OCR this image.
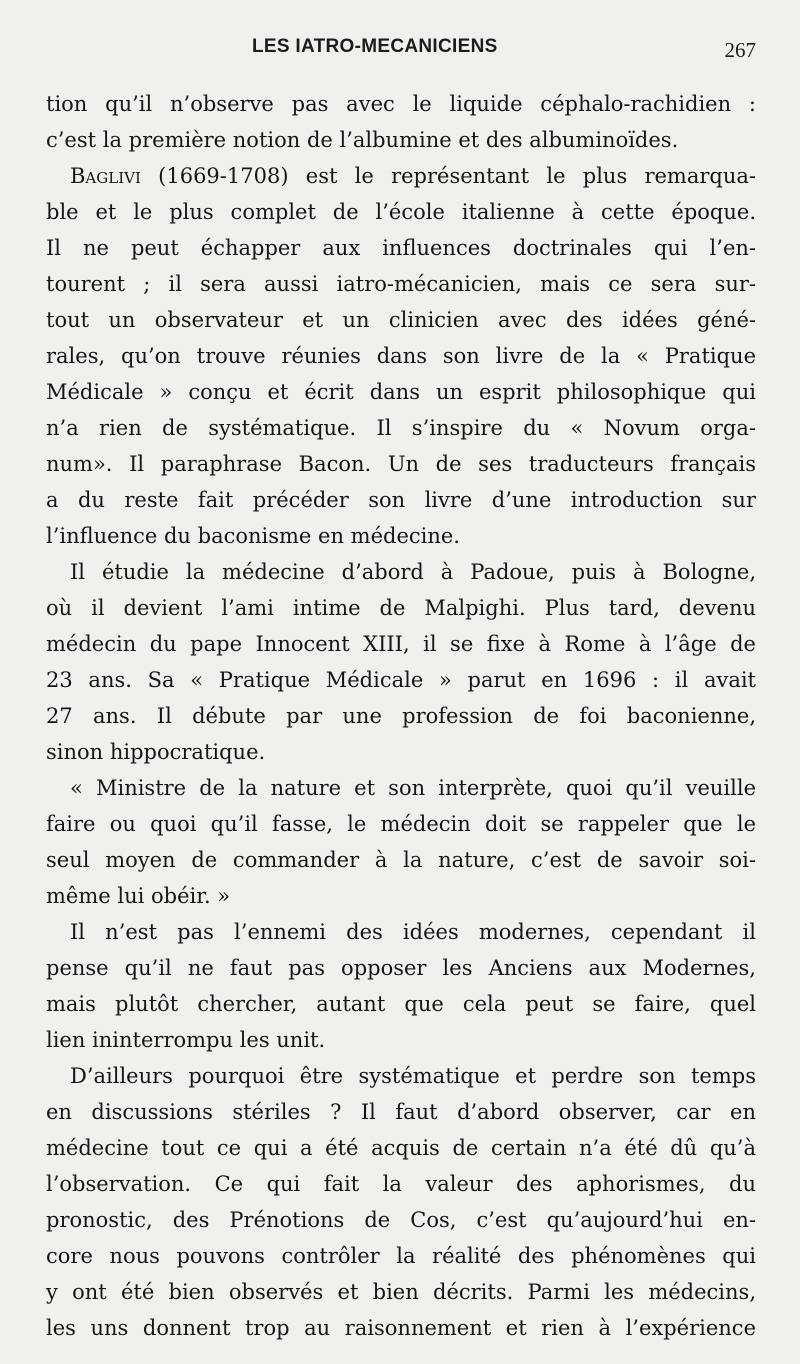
LES IATRO-MECANICIENS	267
tion qu’il n’observe pas avec le liquide céphalo-rachidien :
c’est la première notion de l’albumine et des albuminoïdes.
Baglivi (1669-1708) est le représentant le plus remarqua-
ble et le plus complet de l’école italienne à cette époque.
Il ne peut échapper aux influences doctrinales qui l’en-
tourent ; il sera aussi iatro-mécanicien, mais ce sera sur-
tout un observateur et un clinicien avec des idées géné-
rales, qu’on trouve réunies dans son livre de la « Pratique
Médicale » conçu et écrit dans un esprit philosophique qui
n’a rien de systématique. Il s’inspire du « Novum orga-
num». Il paraphrase Bacon. Un de ses traducteurs français
a du reste fait précéder son livre d’une introduction sur
l’influence du baconisme en médecine.
Il étudie la médecine d’abord à Padoue, puis à Bologne,
où il devient l’ami intime de Malpighi. Plus tard, devenu
médecin du pape Innocent XIII, il se fixe à Rome à l’âge de
23 ans. Sa « Pratique Médicale » parut en 1696 : il avait
27 ans. Il débute par une profession de foi baconienne,
sinon hippocratique.
« Ministre de la nature et son interprète, quoi qu’il veuille
faire ou quoi qu’il fasse, le médecin doit se rappeler que le
seul moyen de commander à la nature, c’est de savoir soi-
même lui obéir. »
Il n’est pas l’ennemi des idées modernes, cependant il
pense qu’il ne faut pas opposer les Anciens aux Modernes,
mais plutôt chercher, autant que cela peut se faire, quel
lien ininterrompu les unit.
D’ailleurs pourquoi être systématique et perdre son temps
en discussions stériles ? Il faut d’abord observer, car en
médecine tout ce qui a été acquis de certain n’a été dû qu’à
l’observation. Ce qui fait la valeur des aphorismes, du
pronostic, des Prénotions de Cos, c’est qu’aujourd’hui en-
core nous pouvons contrôler la réalité des phénomènes qui
y ont été bien observés et bien décrits. Parmi les médecins,
les uns donnent trop au raisonnement et rien à l’expérience
